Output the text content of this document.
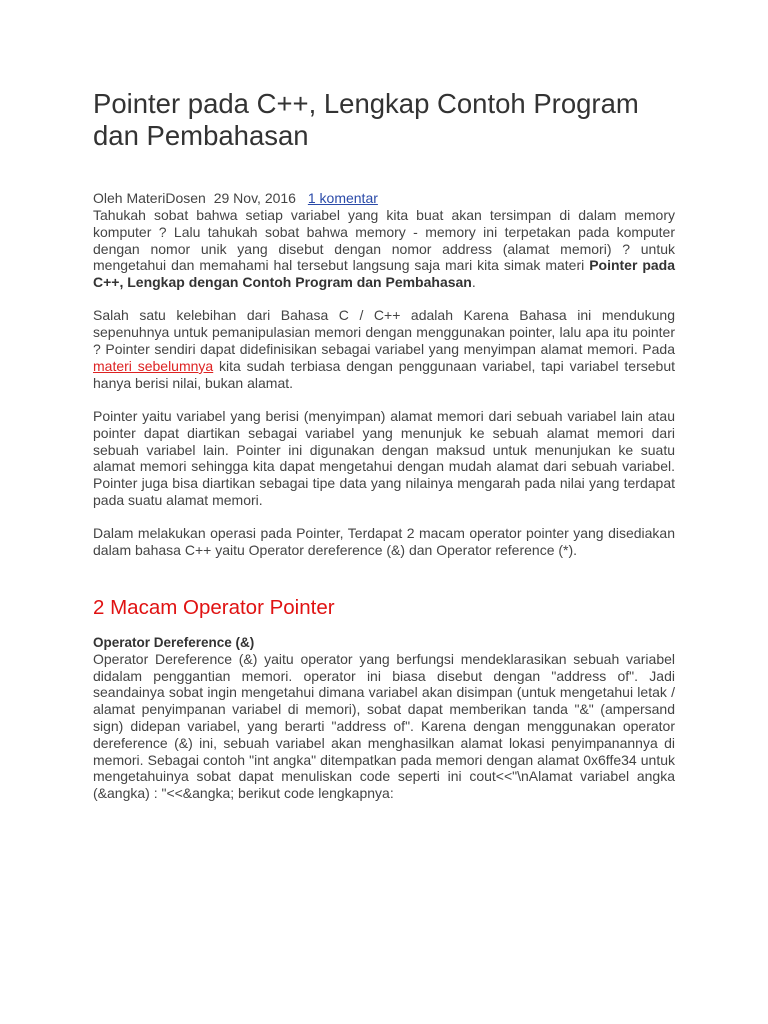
Pointer pada C++, Lengkap Contoh Program dan Pembahasan
Oleh MateriDosen 29 Nov, 2016 1 komentar

Tahukah sobat bahwa setiap variabel yang kita buat akan tersimpan di dalam memory komputer ? Lalu tahukah sobat bahwa memory - memory ini terpetakan pada komputer dengan nomor unik yang disebut dengan nomor address (alamat memori) ? untuk mengetahui dan memahami hal tersebut langsung saja mari kita simak materi Pointer pada C++, Lengkap dengan Contoh Program dan Pembahasan.

Salah satu kelebihan dari Bahasa C / C++ adalah Karena Bahasa ini mendukung sepenuhnya untuk pemanipulasian memori dengan menggunakan pointer, lalu apa itu pointer ? Pointer sendiri dapat didefinisikan sebagai variabel yang menyimpan alamat memori. Pada materi sebelumnya kita sudah terbiasa dengan penggunaan variabel, tapi variabel tersebut hanya berisi nilai, bukan alamat.

Pointer yaitu variabel yang berisi (menyimpan) alamat memori dari sebuah variabel lain atau pointer dapat diartikan sebagai variabel yang menunjuk ke sebuah alamat memori dari sebuah variabel lain. Pointer ini digunakan dengan maksud untuk menunjukan ke suatu alamat memori sehingga kita dapat mengetahui dengan mudah alamat dari sebuah variabel. Pointer juga bisa diartikan sebagai tipe data yang nilainya mengarah pada nilai yang terdapat pada suatu alamat memori.

Dalam melakukan operasi pada Pointer, Terdapat 2 macam operator pointer yang disediakan dalam bahasa C++ yaitu Operator dereference (&) dan Operator reference (*).

2 Macam Operator Pointer
Operator Dereference (&)

Operator Dereference (&) yaitu operator yang berfungsi mendeklarasikan sebuah variabel didalam penggantian memori. operator ini biasa disebut dengan "address of". Jadi seandainya sobat ingin mengetahui dimana variabel akan disimpan (untuk mengetahui letak / alamat penyimpanan variabel di memori), sobat dapat memberikan tanda "&" (ampersand sign) didepan variabel, yang berarti "address of". Karena dengan menggunakan operator dereference (&) ini, sebuah variabel akan menghasilkan alamat lokasi penyimpanannya di memori. Sebagai contoh "int angka" ditempatkan pada memori dengan alamat 0x6ffe34 untuk mengetahuinya sobat dapat menuliskan code seperti ini cout<<"\nAlamat variabel angka (&angka) : "<<&angka; berikut code lengkapnya:
